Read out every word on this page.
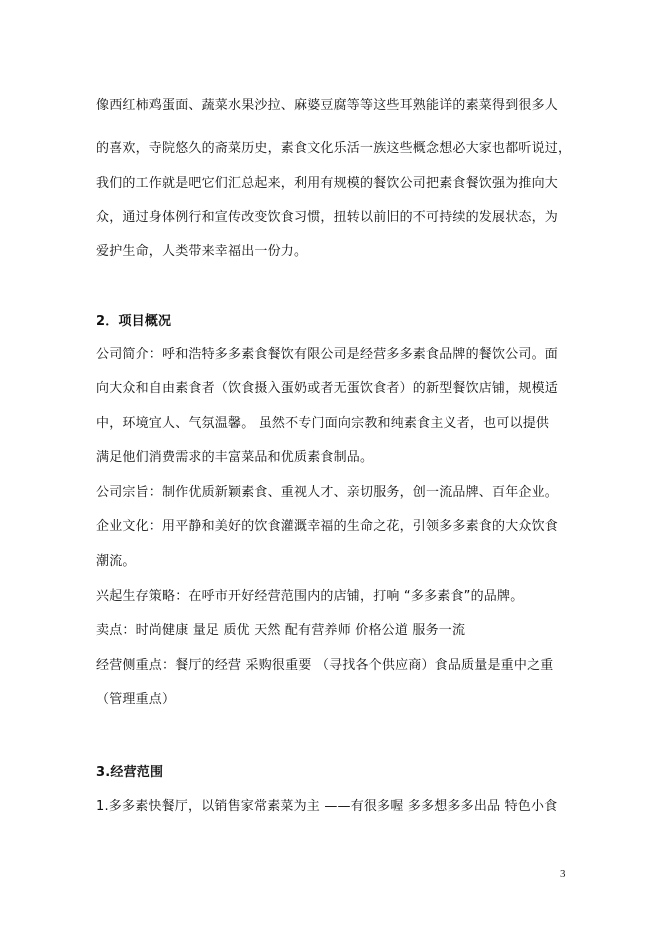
像西红柿鸡蛋面、蔬菜水果沙拉、麻婆豆腐等等这些耳熟能详的素菜得到很多人
的喜欢，寺院悠久的斋菜历史，素食文化乐活一族这些概念想必大家也都听说过，
我们的工作就是吧它们汇总起来，利用有规模的餐饮公司把素食餐饮强为推向大
众，通过身体例行和宣传改变饮食习惯，扭转以前旧的不可持续的发展状态，为
爱护生命，人类带来幸福出一份力。
2．项目概况
公司简介：呼和浩特多多素食餐饮有限公司是经营多多素食品牌的餐饮公司。面
向大众和自由素食者（饮食摄入蛋奶或者无蛋饮食者）的新型餐饮店铺，规模适
中，环境宜人、气氛温馨。 虽然不专门面向宗教和纯素食主义者，也可以提供
满足他们消费需求的丰富菜品和优质素食制品。
公司宗旨：制作优质新颖素食、重视人才、亲切服务，创一流品牌、百年企业。
企业文化：用平静和美好的饮食灌溉幸福的生命之花，引领多多素食的大众饮食
潮流。
兴起生存策略：在呼市开好经营范围内的店铺，打响 “多多素食”的品牌。
卖点：时尚健康 量足 质优 天然 配有营养师 价格公道 服务一流
经营侧重点：餐厅的经营 采购很重要 （寻找各个供应商）食品质量是重中之重
（管理重点）
3.经营范围
1.多多素快餐厅，以销售家常素菜为主 ——有很多喔 多多想多多出品 特色小食
3
